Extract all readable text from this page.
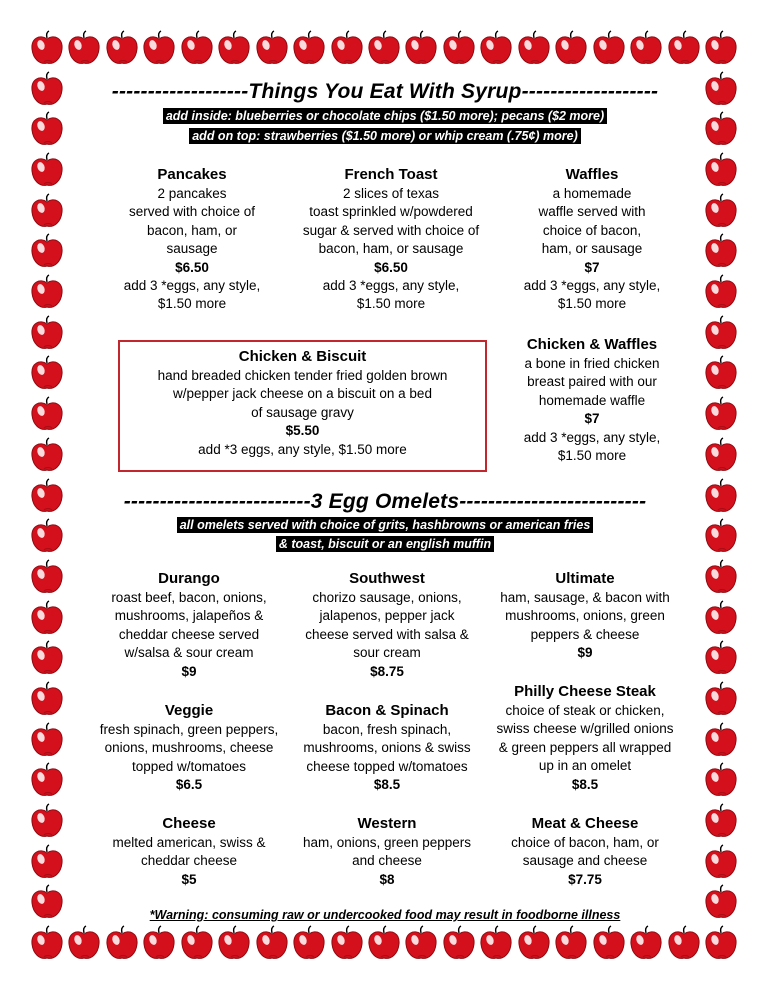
-------------------Things You Eat With Syrup-------------------
add inside: blueberries or chocolate chips ($1.50 more); pecans ($2 more)
add on top: strawberries ($1.50 more) or whip cream (.75¢) more)
Pancakes
2 pancakes
served with choice of
bacon, ham, or
sausage
$6.50
add 3 *eggs, any style,
$1.50 more
French Toast
2 slices of texas
toast sprinkled w/powdered
sugar & served with choice of
bacon, ham, or sausage
$6.50
add 3 *eggs, any style,
$1.50 more
Waffles
a homemade
waffle served with
choice of bacon,
ham, or sausage
$7
add 3 *eggs, any style,
$1.50 more
Chicken & Biscuit
hand breaded chicken tender fried golden brown
w/pepper jack cheese on a biscuit on a bed
of sausage gravy
$5.50
add *3 eggs, any style, $1.50 more
Chicken & Waffles
a bone in fried chicken
breast paired with our
homemade waffle
$7
add 3 *eggs, any style,
$1.50 more
--------------------------3 Egg Omelets--------------------------
all omelets served with choice of grits, hashbrowns or american fries
& toast, biscuit or an english muffin
Durango
roast beef, bacon, onions,
mushrooms, jalapeños &
cheddar cheese served
w/salsa & sour cream
$9
Southwest
chorizo sausage, onions,
jalapenos, pepper jack
cheese served with salsa &
sour cream
$8.75
Ultimate
ham, sausage, & bacon with
mushrooms, onions, green
peppers & cheese
$9
Veggie
fresh spinach, green peppers,
onions, mushrooms, cheese
topped w/tomatoes
$6.5
Bacon & Spinach
bacon, fresh spinach,
mushrooms, onions & swiss
cheese topped w/tomatoes
$8.5
Philly Cheese Steak
choice of steak or chicken,
swiss cheese w/grilled onions
& green peppers all wrapped
up in an omelet
$8.5
Cheese
melted american, swiss &
cheddar cheese
$5
Western
ham, onions, green peppers
and cheese
$8
Meat & Cheese
choice of bacon, ham, or
sausage and cheese
$7.75
*Warning: consuming raw or undercooked food may result in foodborne illness
